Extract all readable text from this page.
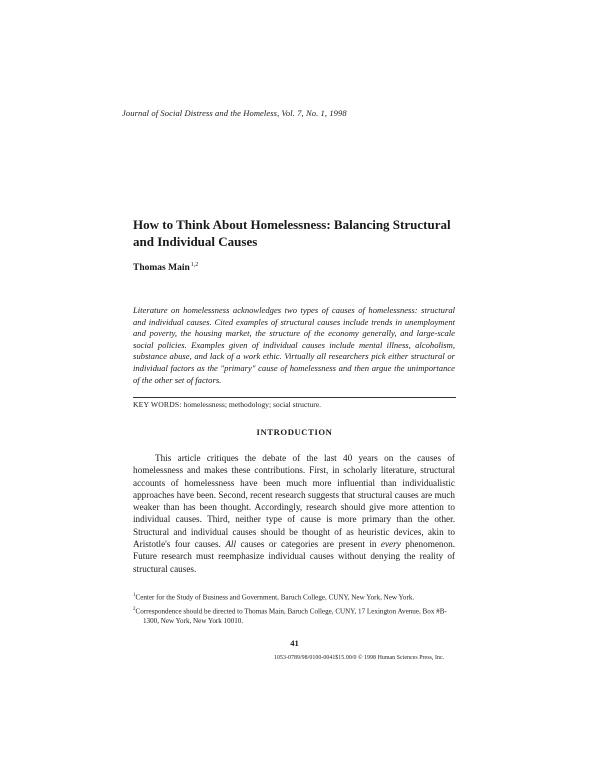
Journal of Social Distress and the Homeless, Vol. 7, No. 1, 1998
How to Think About Homelessness: Balancing Structural and Individual Causes
Thomas Main$^{1,2}$
Literature on homelessness acknowledges two types of causes of homelessness: structural and individual causes. Cited examples of structural causes include trends in unemployment and poverty, the housing market, the structure of the economy generally, and large-scale social policies. Examples given of individual causes include mental illness, alcoholism, substance abuse, and lack of a work ethic. Virtually all researchers pick either structural or individual factors as the "primary" cause of homelessness and then argue the unimportance of the other set of factors.
KEY WORDS: homelessness; methodology; social structure.
INTRODUCTION

This article critiques the debate of the last 40 years on the causes of homelessness and makes these contributions. First, in scholarly literature, structural accounts of homelessness have been much more influential than individualistic approaches have been. Second, recent research suggests that structural causes are much weaker than has been thought. Accordingly, research should give more attention to individual causes. Third, neither type of cause is more primary than the other. Structural and individual causes should be thought of as heuristic devices, akin to Aristotle's four causes. All causes or categories are present in every phenomenon. Future research must reemphasize individual causes without denying the reality of structural causes.

$^1$Center for the Study of Business and Government, Baruch College, CUNY, New York, New York.

$^2$Correspondence should be directed to Thomas Main, Baruch College, CUNY, 17 Lexington Avenue, Box #B-1300, New York, New York 10010.

41
1053-0789/98/0100-0041$15.00/0 © 1998 Human Sciences Press, Inc.
